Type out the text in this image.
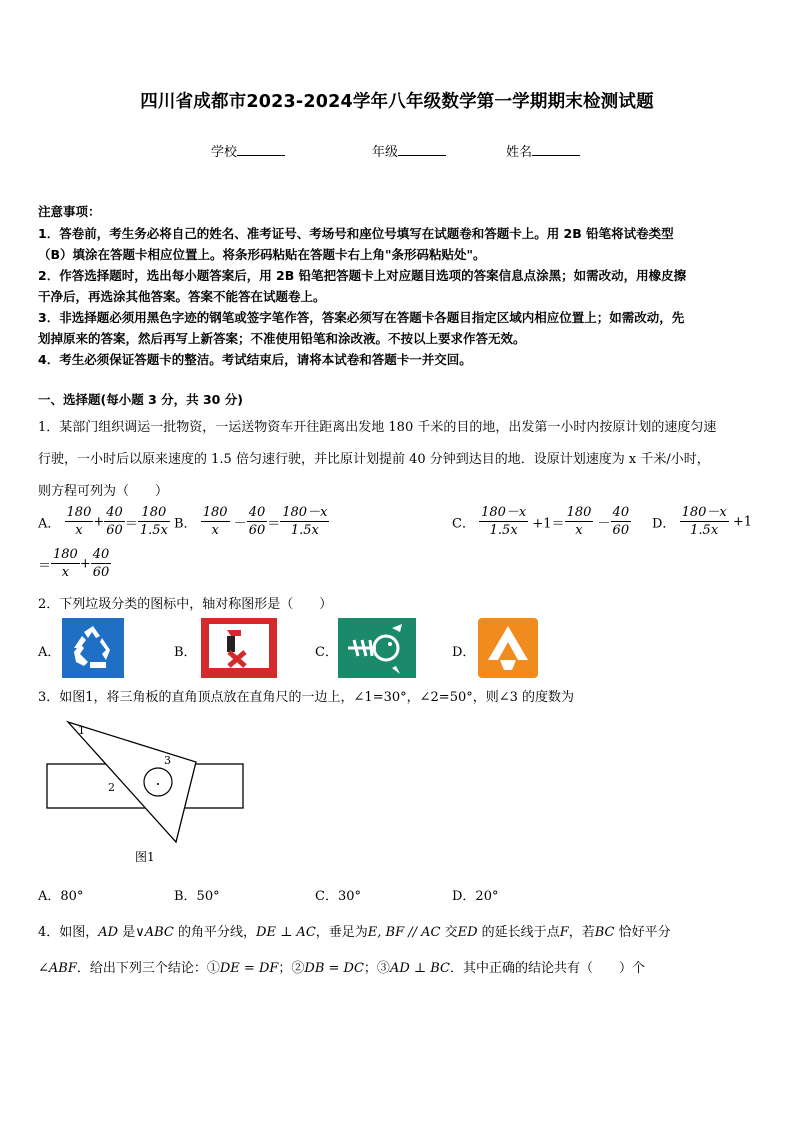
四川省成都市2023-2024学年八年级数学第一学期期末检测试题
学校	年级	姓名
注意事项：
1．答卷前，考生务必将自己的姓名、准考证号、考场号和座位号填写在试题卷和答题卡上。用 2B 铅笔将试卷类型
（B）填涂在答题卡相应位置上。将条形码粘贴在答题卡右上角"条形码粘贴处"。
2．作答选择题时，选出每小题答案后，用 2B 铅笔把答题卡上对应题目选项的答案信息点涂黑；如需改动，用橡皮擦
干净后，再选涂其他答案。答案不能答在试题卷上。
3．非选择题必须用黑色字迹的钢笔或签字笔作答，答案必须写在答题卡各题目指定区域内相应位置上；如需改动，先
划掉原来的答案，然后再写上新答案；不准使用铅笔和涂改液。不按以上要求作答无效。
4．考生必须保证答题卡的整洁。考试结束后，请将本试卷和答题卡一并交回。
一、选择题(每小题 3 分，共 30 分)
1．某部门组织调运一批物资，一运送物资车开往距离出发地 180 千米的目的地，出发第一小时内按原计划的速度匀速
行驶，一小时后以原来速度的 1.5 倍匀速行驶，并比原计划提前 40 分钟到达目的地．设原计划速度为 x 千米/小时，
则方程可列为（　　）
A． $\frac{180}{x} + \frac{40}{60} = \frac{180}{1.5x}$ B． $\frac{180}{x} - \frac{40}{60} = \frac{180-x}{1.5x}$	C． $\frac{180-x}{1.5x} +1= \frac{180}{x} - \frac{40}{60}$ D． $\frac{180-x}{1.5x} +1$
＝ $\frac{180}{x} + \frac{40}{60}$
2．下列垃圾分类的图标中，轴对称图形是（　　）
A．	B．	C．	D．
3．如图1，将三角板的直角顶点放在直角尺的一边上，∠1=30°，∠2=50°，则∠3 的度数为
1
2
3
图1
A．80°	B．50°	C．30°	D．20°
4．如图，AD 是∨ABC 的角平分线，DE ⊥ AC，垂足为E, BF // AC 交ED 的延长线于点F，若BC 恰好平分
∠ABF．给出下列三个结论：①DE = DF；②DB = DC；③AD ⊥ BC．其中正确的结论共有（　　）个
